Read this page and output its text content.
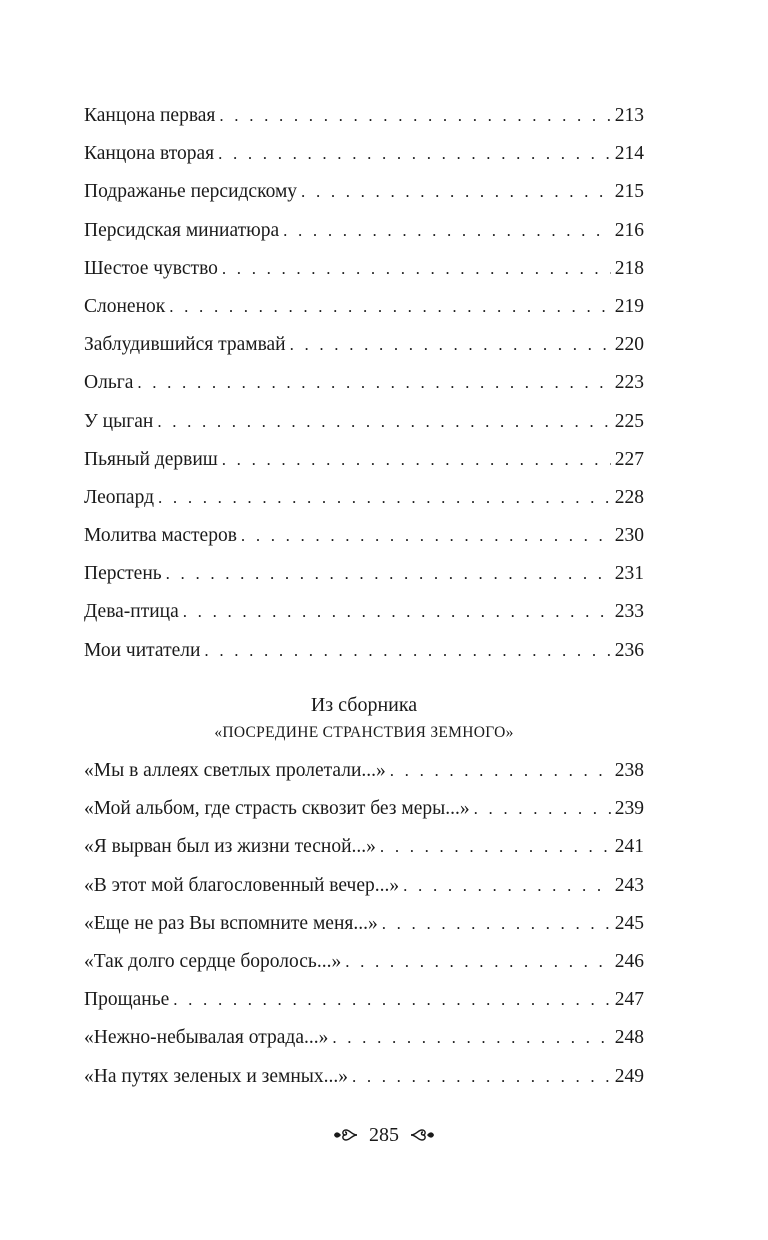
Канцона первая . . .	213
Канцона вторая . . .	214
Подражанье персидскому . . .	215
Персидская миниатюра . . .	216
Шестое чувство . . .	218
Слоненок . . .	219
Заблудившийся трамвай . . .	220
Ольга . . .	223
У цыган . . .	225
Пьяный дервиш . . .	227
Леопард . . .	228
Молитва мастеров . . .	230
Перстень . . .	231
Дева-птица . . .	233
Мои читатели . . .	236
Из сборника
«ПОСРЕДИНЕ СТРАНСТВИЯ ЗЕМНОГО»
«Мы в аллеях светлых пролетали...» . . .	238
«Мой альбом, где страсть сквозит без меры...» . . .	239
«Я вырван был из жизни тесной...» . . .	241
«В этот мой благословенный вечер...» . . .	243
«Еще не раз Вы вспомните меня...» . . .	245
«Так долго сердце боролось...» . . .	246
Прощанье . . .	247
«Нежно-небывалая отрада...» . . .	248
«На путях зеленых и земных...» . . .	249
285
